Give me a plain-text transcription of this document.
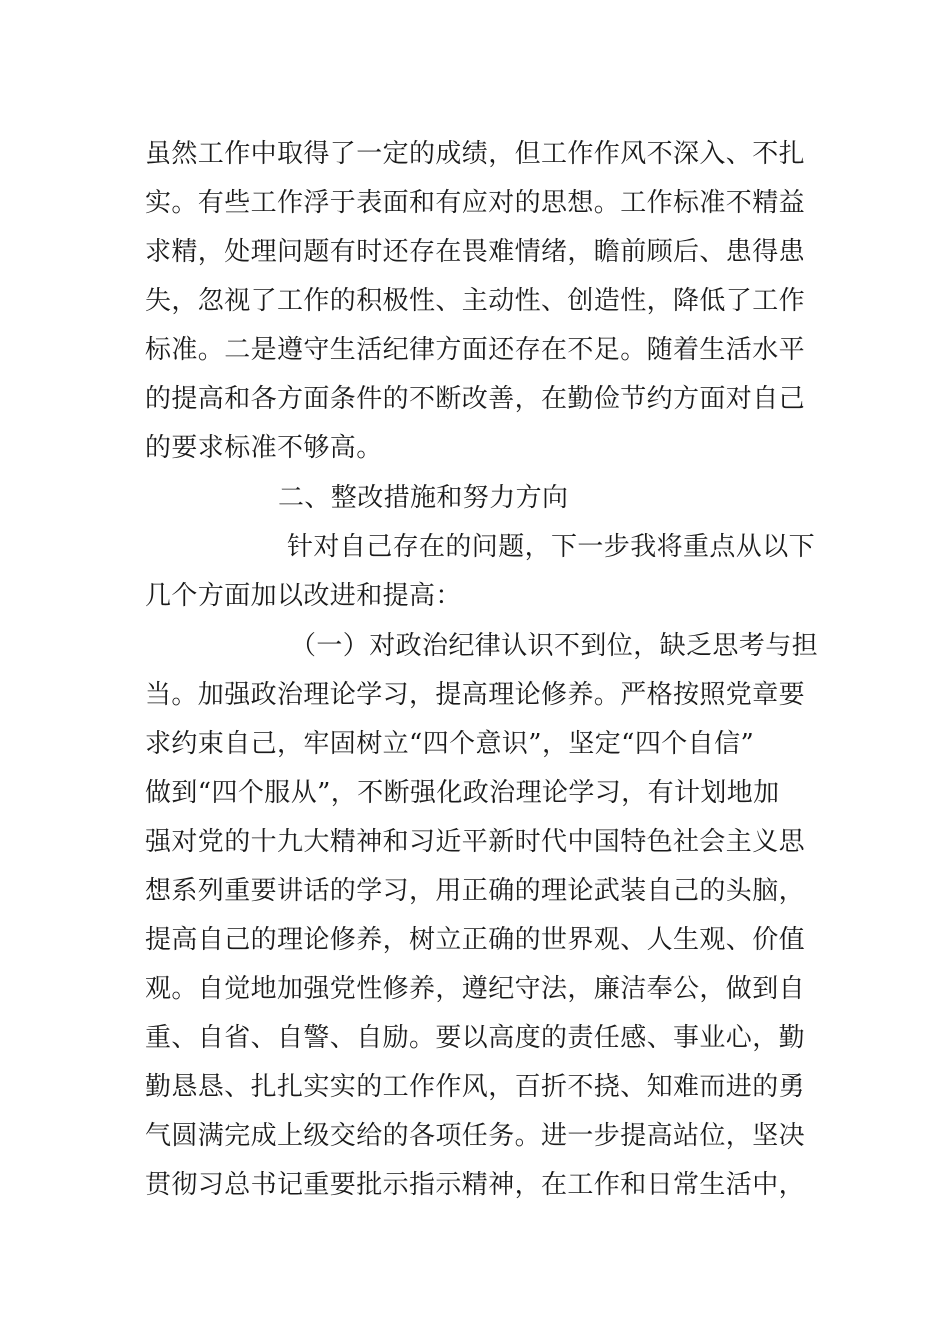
虽然工作中取得了一定的成绩，但工作作风不深入、不扎
实。有些工作浮于表面和有应对的思想。工作标准不精益
求精，处理问题有时还存在畏难情绪，瞻前顾后、患得患
失，忽视了工作的积极性、主动性、创造性，降低了工作
标准。二是遵守生活纪律方面还存在不足。随着生活水平
的提高和各方面条件的不断改善，在勤俭节约方面对自己
的要求标准不够高。
二、整改措施和努力方向
针对自己存在的问题，下一步我将重点从以下
几个方面加以改进和提高：
（一）对政治纪律认识不到位，缺乏思考与担
当。加强政治理论学习，提高理论修养。严格按照党章要
求约束自己，牢固树立“四个意识”，坚定“四个自信”
做到“四个服从”，不断强化政治理论学习，有计划地加
强对党的十九大精神和习近平新时代中国特色社会主义思
想系列重要讲话的学习，用正确的理论武装自己的头脑，
提高自己的理论修养，树立正确的世界观、人生观、价值
观。自觉地加强党性修养，遵纪守法，廉洁奉公，做到自
重、自省、自警、自励。要以高度的责任感、事业心，勤
勤恳恳、扎扎实实的工作作风，百折不挠、知难而进的勇
气圆满完成上级交给的各项任务。进一步提高站位，坚决
贯彻习总书记重要批示指示精神，在工作和日常生活中，
